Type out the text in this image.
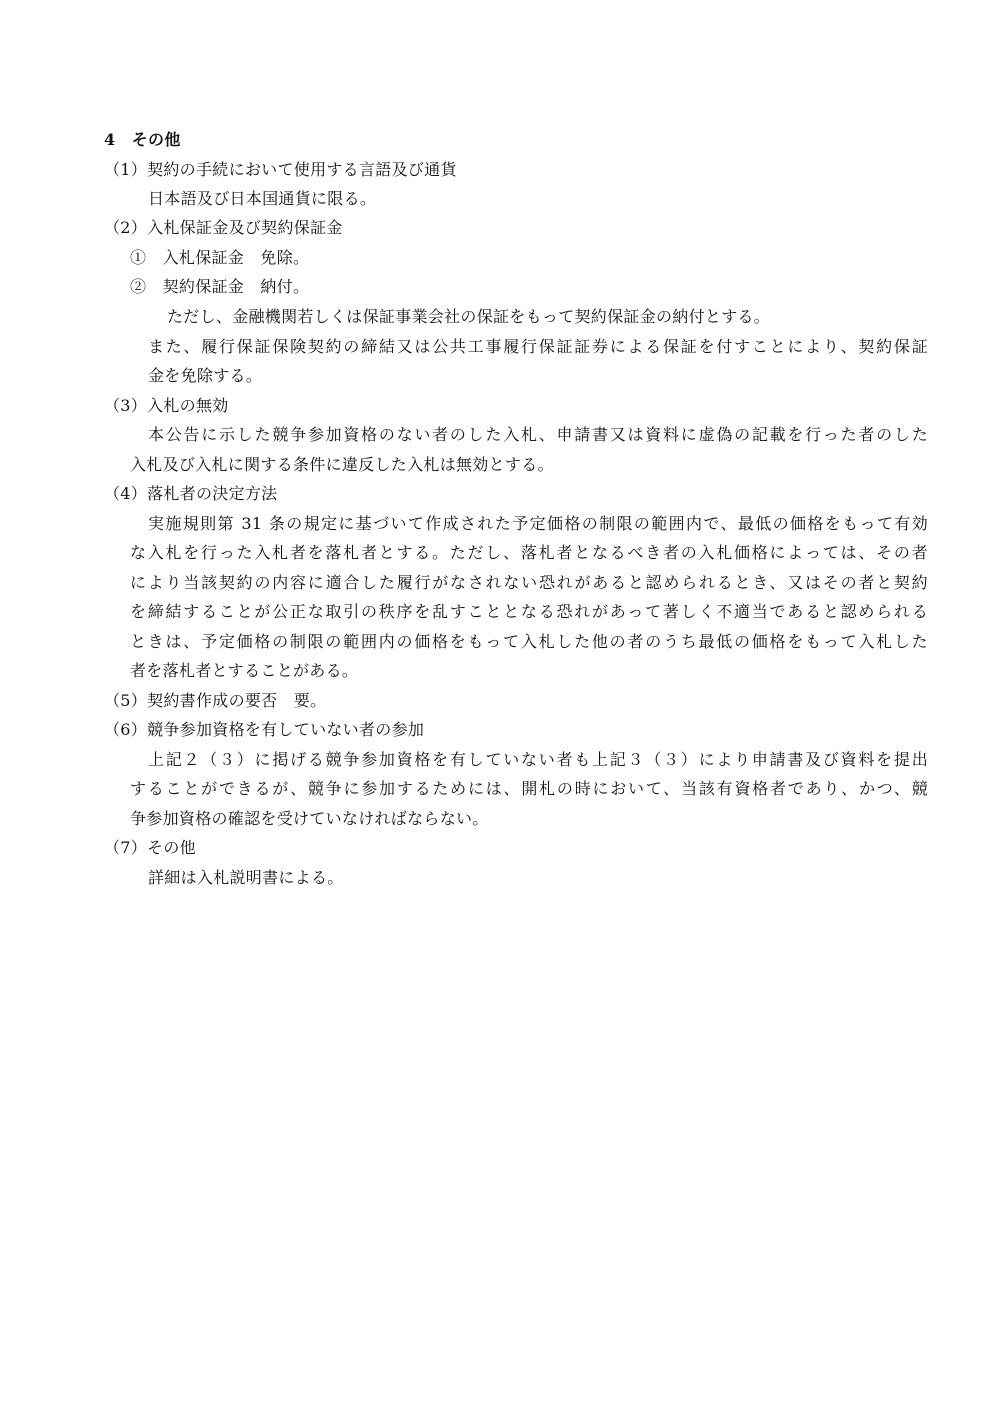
4　その他
（1）契約の手続において使用する言語及び通貨
日本語及び日本国通貨に限る。
（2）入札保証金及び契約保証金
①　入札保証金　免除。
②　契約保証金　納付。
ただし、金融機関若しくは保証事業会社の保証をもって契約保証金の納付とする。
また、履行保証保険契約の締結又は公共工事履行保証証券による保証を付すことにより、契約保証
金を免除する。
（3）入札の無効
本公告に示した競争参加資格のない者のした入札、申請書又は資料に虚偽の記載を行った者のした
入札及び入札に関する条件に違反した入札は無効とする。
（4）落札者の決定方法
実施規則第 31 条の規定に基づいて作成された予定価格の制限の範囲内で、最低の価格をもって有効
な入札を行った入札者を落札者とする。ただし、落札者となるべき者の入札価格によっては、その者
により当該契約の内容に適合した履行がなされない恐れがあると認められるとき、又はその者と契約
を締結することが公正な取引の秩序を乱すこととなる恐れがあって著しく不適当であると認められる
ときは、予定価格の制限の範囲内の価格をもって入札した他の者のうち最低の価格をもって入札した
者を落札者とすることがある。
（5）契約書作成の要否　要。
（6）競争参加資格を有していない者の参加
上記２（３）に掲げる競争参加資格を有していない者も上記３（３）により申請書及び資料を提出
することができるが、競争に参加するためには、開札の時において、当該有資格者であり、かつ、競
争参加資格の確認を受けていなければならない。
（7）その他
詳細は入札説明書による。
